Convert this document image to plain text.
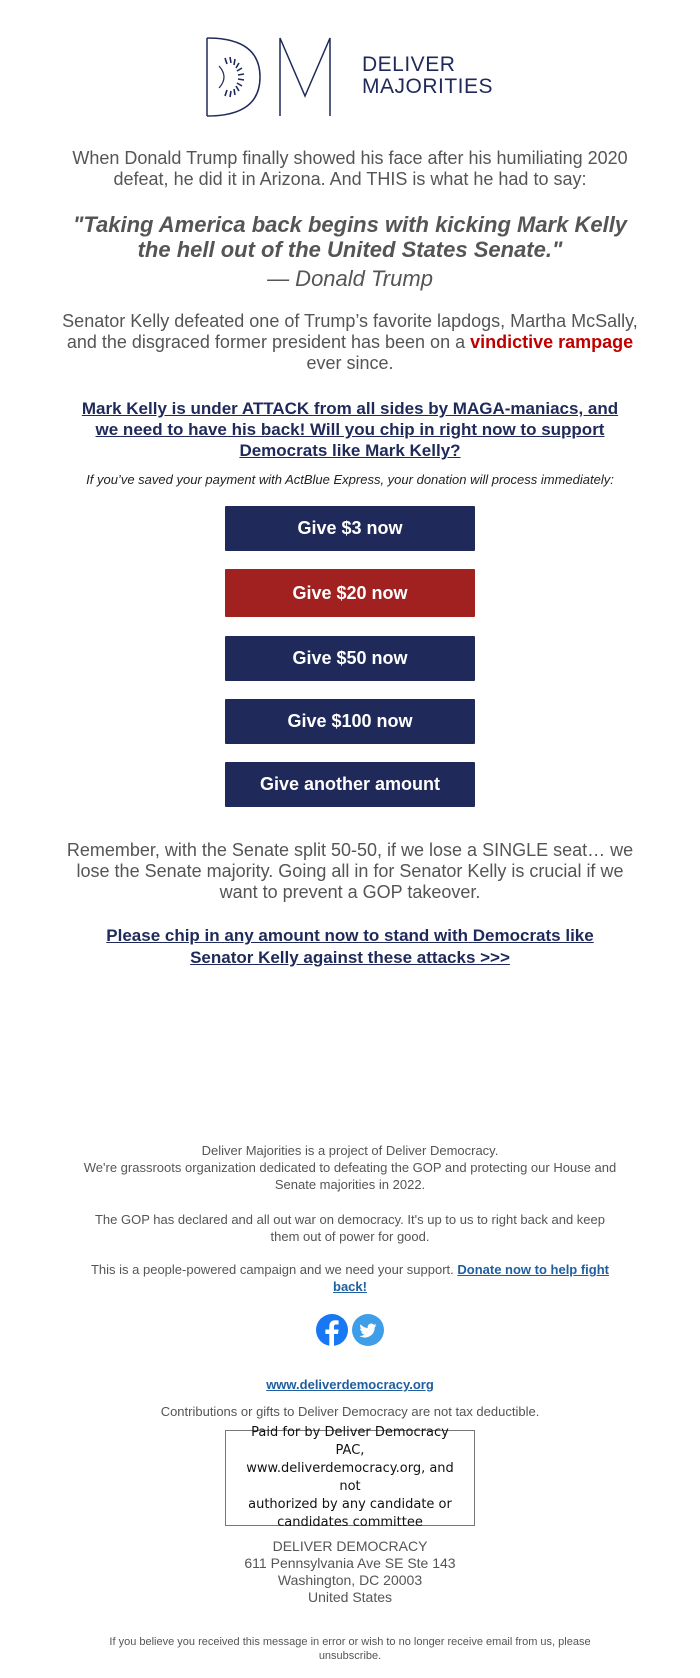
DELIVER
MAJORITIES
When Donald Trump finally showed his face after his humiliating 2020
defeat, he did it in Arizona. And THIS is what he had to say:
"Taking America back begins with kicking Mark Kelly
the hell out of the United States Senate."
— Donald Trump
Senator Kelly defeated one of Trump’s favorite lapdogs, Martha McSally,
and the disgraced former president has been on a vindictive rampage
ever since.
Mark Kelly is under ATTACK from all sides by MAGA-maniacs, and
we need to have his back! Will you chip in right now to support
Democrats like Mark Kelly?
If you’ve saved your payment with ActBlue Express, your donation will process immediately:
Give $3 now
Give $20 now
Give $50 now
Give $100 now
Give another amount
Remember, with the Senate split 50-50, if we lose a SINGLE seat… we
lose the Senate majority. Going all in for Senator Kelly is crucial if we
want to prevent a GOP takeover.
Please chip in any amount now to stand with Democrats like
Senator Kelly against these attacks >>>
Deliver Majorities is a project of Deliver Democracy.
We're grassroots organization dedicated to defeating the GOP and protecting our House and
Senate majorities in 2022.
The GOP has declared and all out war on democracy. It's up to us to right back and keep
them out of power for good.
This is a people-powered campaign and we need your support. Donate now to help fight
back!
www.deliverdemocracy.org
Contributions or gifts to Deliver Democracy are not tax deductible.
Paid for by Deliver Democracy PAC,
www.deliverdemocracy.org, and not
authorized by any candidate or
candidates committee
DELIVER DEMOCRACY
611 Pennsylvania Ave SE Ste 143
Washington, DC 20003
United States
If you believe you received this message in error or wish to no longer receive email from us, please
unsubscribe.
